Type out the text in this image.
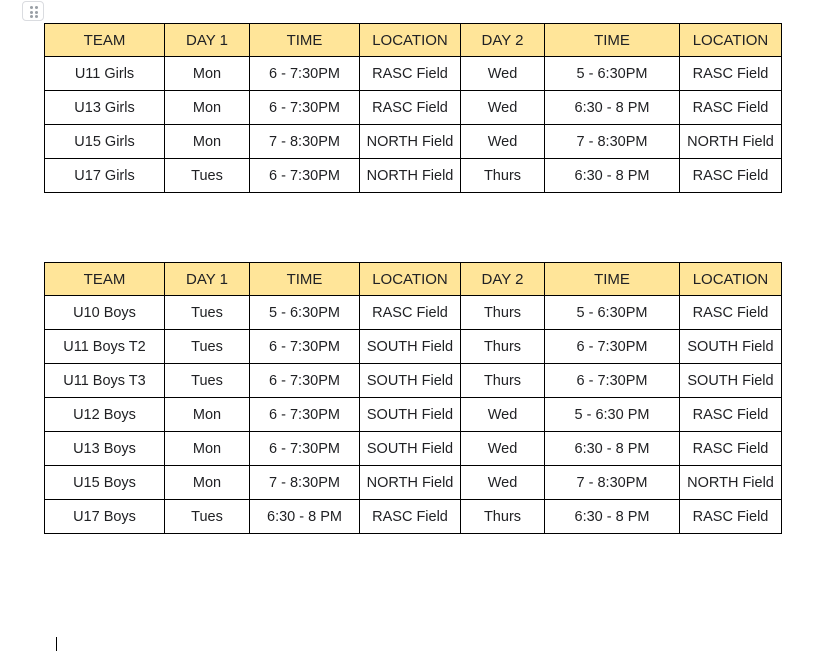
TEAM	DAY 1	TIME	LOCATION	DAY 2	TIME	LOCATION
U11 Girls	Mon	6 - 7:30PM	RASC Field	Wed	5 - 6:30PM	RASC Field
U13 Girls	Mon	6 - 7:30PM	RASC Field	Wed	6:30 - 8 PM	RASC Field
U15 Girls	Mon	7 - 8:30PM	NORTH Field	Wed	7 - 8:30PM	NORTH Field
U17 Girls	Tues	6 - 7:30PM	NORTH Field	Thurs	6:30 - 8 PM	RASC Field
TEAM	DAY 1	TIME	LOCATION	DAY 2	TIME	LOCATION
U10 Boys	Tues	5 - 6:30PM	RASC Field	Thurs	5 - 6:30PM	RASC Field
U11 Boys T2	Tues	6 - 7:30PM	SOUTH Field	Thurs	6 - 7:30PM	SOUTH Field
U11 Boys T3	Tues	6 - 7:30PM	SOUTH Field	Thurs	6 - 7:30PM	SOUTH Field
U12 Boys	Mon	6 - 7:30PM	SOUTH Field	Wed	5 - 6:30 PM	RASC Field
U13 Boys	Mon	6 - 7:30PM	SOUTH Field	Wed	6:30 - 8 PM	RASC Field
U15 Boys	Mon	7 - 8:30PM	NORTH Field	Wed	7 - 8:30PM	NORTH Field
U17 Boys	Tues	6:30 - 8 PM	RASC Field	Thurs	6:30 - 8 PM	RASC Field
